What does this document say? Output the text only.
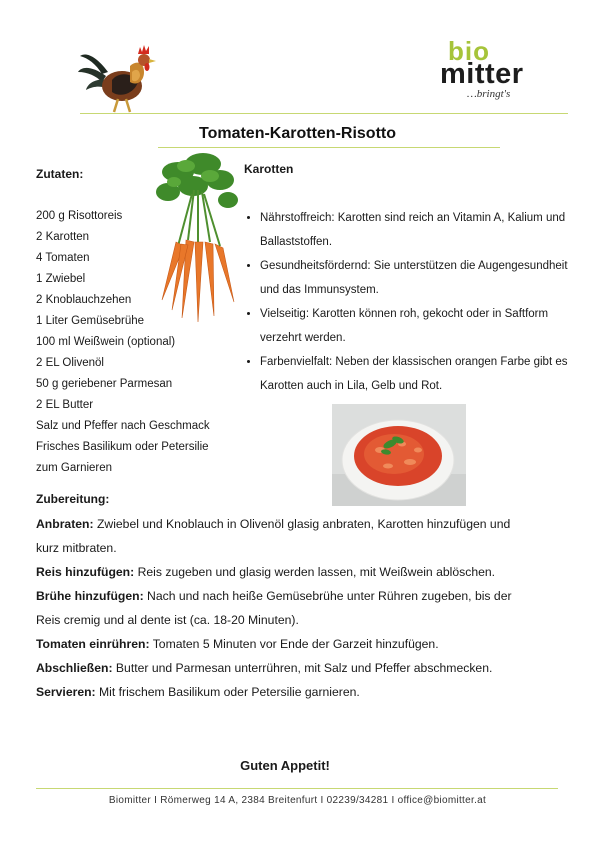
bio
mitter
…bringt's
Tomaten-Karotten-Risotto
Zutaten:
200 g Risottoreis
2 Karotten
4 Tomaten
1 Zwiebel
2 Knoblauchzehen
1 Liter Gemüsebrühe
100 ml Weißwein (optional)
2 EL Olivenöl
50 g geriebener Parmesan
2 EL Butter
Salz und Pfeffer nach Geschmack
Frisches Basilikum oder Petersilie
zum Garnieren
Karotten
• Nährstoffreich: Karotten sind reich an Vitamin A, Kalium und Ballaststoffen.
• Gesundheitsfördernd: Sie unterstützen die Augengesundheit und das Immunsystem.
• Vielseitig: Karotten können roh, gekocht oder in Saftform verzehrt werden.
• Farbenvielfalt: Neben der klassischen orangen Farbe gibt es Karotten auch in Lila, Gelb und Rot.
Zubereitung:

Anbraten: Zwiebel und Knoblauch in Olivenöl glasig anbraten, Karotten hinzufügen und kurz mitbraten.

Reis hinzufügen: Reis zugeben und glasig werden lassen, mit Weißwein ablöschen.

Brühe hinzufügen: Nach und nach heiße Gemüsebrühe unter Rühren zugeben, bis der Reis cremig und al dente ist (ca. 18-20 Minuten).

Tomaten einrühren: Tomaten 5 Minuten vor Ende der Garzeit hinzufügen.

Abschließen: Butter und Parmesan unterrühren, mit Salz und Pfeffer abschmecken.

Servieren: Mit frischem Basilikum oder Petersilie garnieren.

Guten Appetit!
Biomitter I Römerweg 14 A, 2384 Breitenfurt I 02239/34281 I office@biomitter.at
